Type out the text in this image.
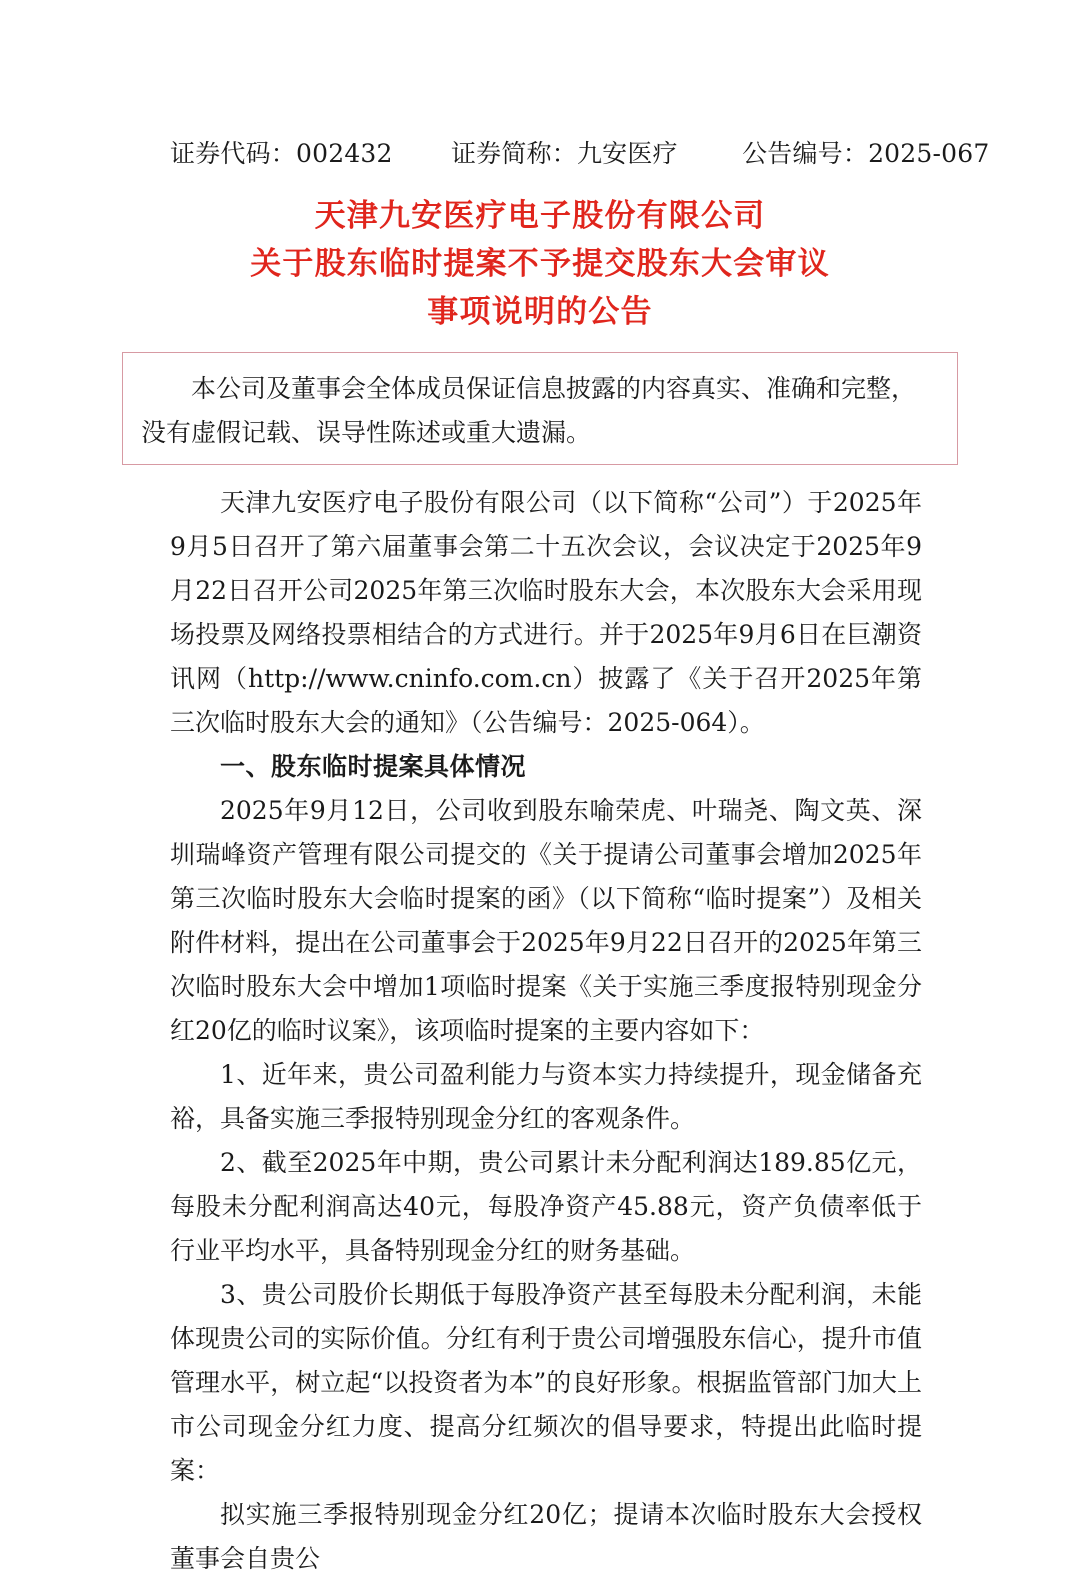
证券代码：002432 证券简称：九安医疗	公告编号：2025-067
天津九安医疗电子股份有限公司
关于股东临时提案不予提交股东大会审议
事项说明的公告

本公司及董事会全体成员保证信息披露的内容真实、准确和完整，

没有虚假记载、误导性陈述或重大遗漏。

天津九安医疗电子股份有限公司（以下简称“公司”）于2025年9月5日召开了第六届董事会第二十五次会议，会议决定于2025年9月22日召开公司2025年第三次临时股东大会，本次股东大会采用现场投票及网络投票相结合的方式进行。并于2025年9月6日在巨潮资讯网（http://www.cninfo.com.cn）披露了《关于召开2025年第三次临时股东大会的通知》（公告编号：2025-064）。

一、股东临时提案具体情况

2025年9月12日，公司收到股东喻荣虎、叶瑞尧、陶文英、深圳瑞峰资产管理有限公司提交的《关于提请公司董事会增加2025年第三次临时股东大会临时提案的函》（以下简称“临时提案”）及相关附件材料，提出在公司董事会于2025年9月22日召开的2025年第三次临时股东大会中增加1项临时提案《关于实施三季度报特别现金分红20亿的临时议案》，该项临时提案的主要内容如下：

1、近年来，贵公司盈利能力与资本实力持续提升，现金储备充裕，具备实施三季报特别现金分红的客观条件。

2、截至2025年中期，贵公司累计未分配利润达189.85亿元，每股未分配利润高达40元，每股净资产45.88元，资产负债率低于行业平均水平，具备特别现金分红的财务基础。

3、贵公司股价长期低于每股净资产甚至每股未分配利润，未能体现贵公司的实际价值。分红有利于贵公司增强股东信心，提升市值管理水平，树立起“以投资者为本”的良好形象。根据监管部门加大上市公司现金分红力度、提高分红频次的倡导要求，特提出此临时提案：

拟实施三季报特别现金分红20亿；提请本次临时股东大会授权董事会自贵公
